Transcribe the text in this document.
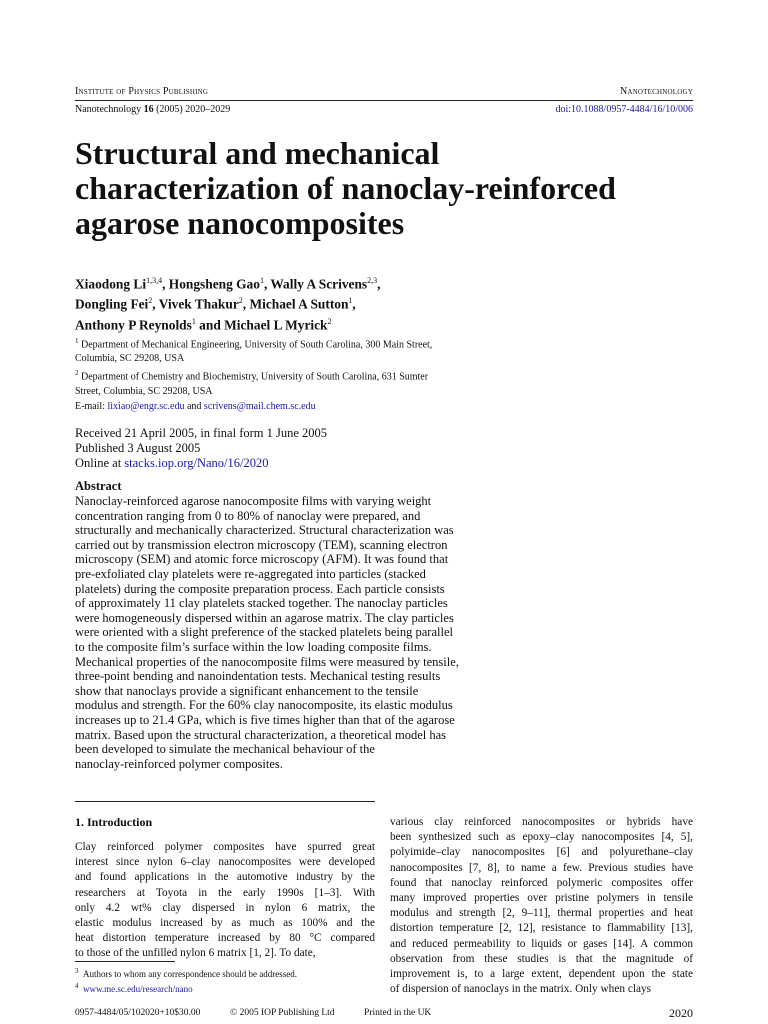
Institute of Physics Publishing	Nanotechnology
Nanotechnology 16 (2005) 2020–2029	doi:10.1088/0957-4484/16/10/006
Structural and mechanical
characterization of nanoclay-reinforced
agarose nanocomposites
Xiaodong Li$^{1,3,4}$, Hongsheng Gao$^1$, Wally A Scrivens$^{2,3}$,
Dongling Fei$^2$, Vivek Thakur$^2$, Michael A Sutton$^1$,
Anthony P Reynolds$^1$ and Michael L Myrick$^2$
$^1$ Department of Mechanical Engineering, University of South Carolina, 300 Main Street,
Columbia, SC 29208, USA
$^2$ Department of Chemistry and Biochemistry, University of South Carolina, 631 Sumter
Street, Columbia, SC 29208, USA
E-mail: lixiao@engr.sc.edu and scrivens@mail.chem.sc.edu
Received 21 April 2005, in final form 1 June 2005
Published 3 August 2005
Online at stacks.iop.org/Nano/16/2020
Abstract
Nanoclay-reinforced agarose nanocomposite films with varying weight
concentration ranging from 0 to 80% of nanoclay were prepared, and
structurally and mechanically characterized. Structural characterization was
carried out by transmission electron microscopy (TEM), scanning electron
microscopy (SEM) and atomic force microscopy (AFM). It was found that
pre-exfoliated clay platelets were re-aggregated into particles (stacked
platelets) during the composite preparation process. Each particle consists
of approximately 11 clay platelets stacked together. The nanoclay particles
were homogeneously dispersed within an agarose matrix. The clay particles
were oriented with a slight preference of the stacked platelets being parallel
to the composite film’s surface within the low loading composite films.
Mechanical properties of the nanocomposite films were measured by tensile,
three-point bending and nanoindentation tests. Mechanical testing results
show that nanoclays provide a significant enhancement to the tensile
modulus and strength. For the 60% clay nanocomposite, its elastic modulus
increases up to 21.4 GPa, which is five times higher than that of the agarose
matrix. Based upon the structural characterization, a theoretical model has
been developed to simulate the mechanical behaviour of the
nanoclay-reinforced polymer composites.
1. Introduction
Clay reinforced polymer composites have spurred great
interest since nylon 6–clay nanocomposites were developed
and found applications in the automotive industry by the
researchers at Toyota in the early 1990s [1–3]. With
only 4.2 wt% clay dispersed in nylon 6 matrix, the
elastic modulus increased by as much as 100% and the
heat distortion temperature increased by 80 °C compared
to those of the unfilled nylon 6 matrix [1, 2]. To date,
various clay reinforced nanocomposites or hybrids have
been synthesized such as epoxy–clay nanocomposites [4, 5],
polyimide–clay nanocomposites [6] and polyurethane–clay
nanocomposites [7, 8], to name a few. Previous studies have
found that nanoclay reinforced polymeric composites offer
many improved properties over pristine polymers in tensile
modulus and strength [2, 9–11], thermal properties and heat
distortion temperature [2, 12], resistance to flammability [13],
and reduced permeability to liquids or gases [14]. A common
observation from these studies is that the magnitude of
improvement is, to a large extent, dependent upon the state
of dispersion of nanoclays in the matrix. Only when clays
$^3$ Authors to whom any correspondence should be addressed.
$^4$ www.me.sc.edu/research/nano
0957-4484/05/102020+10$30.00	© 2005 IOP Publishing Ltd	Printed in the UK	2020
